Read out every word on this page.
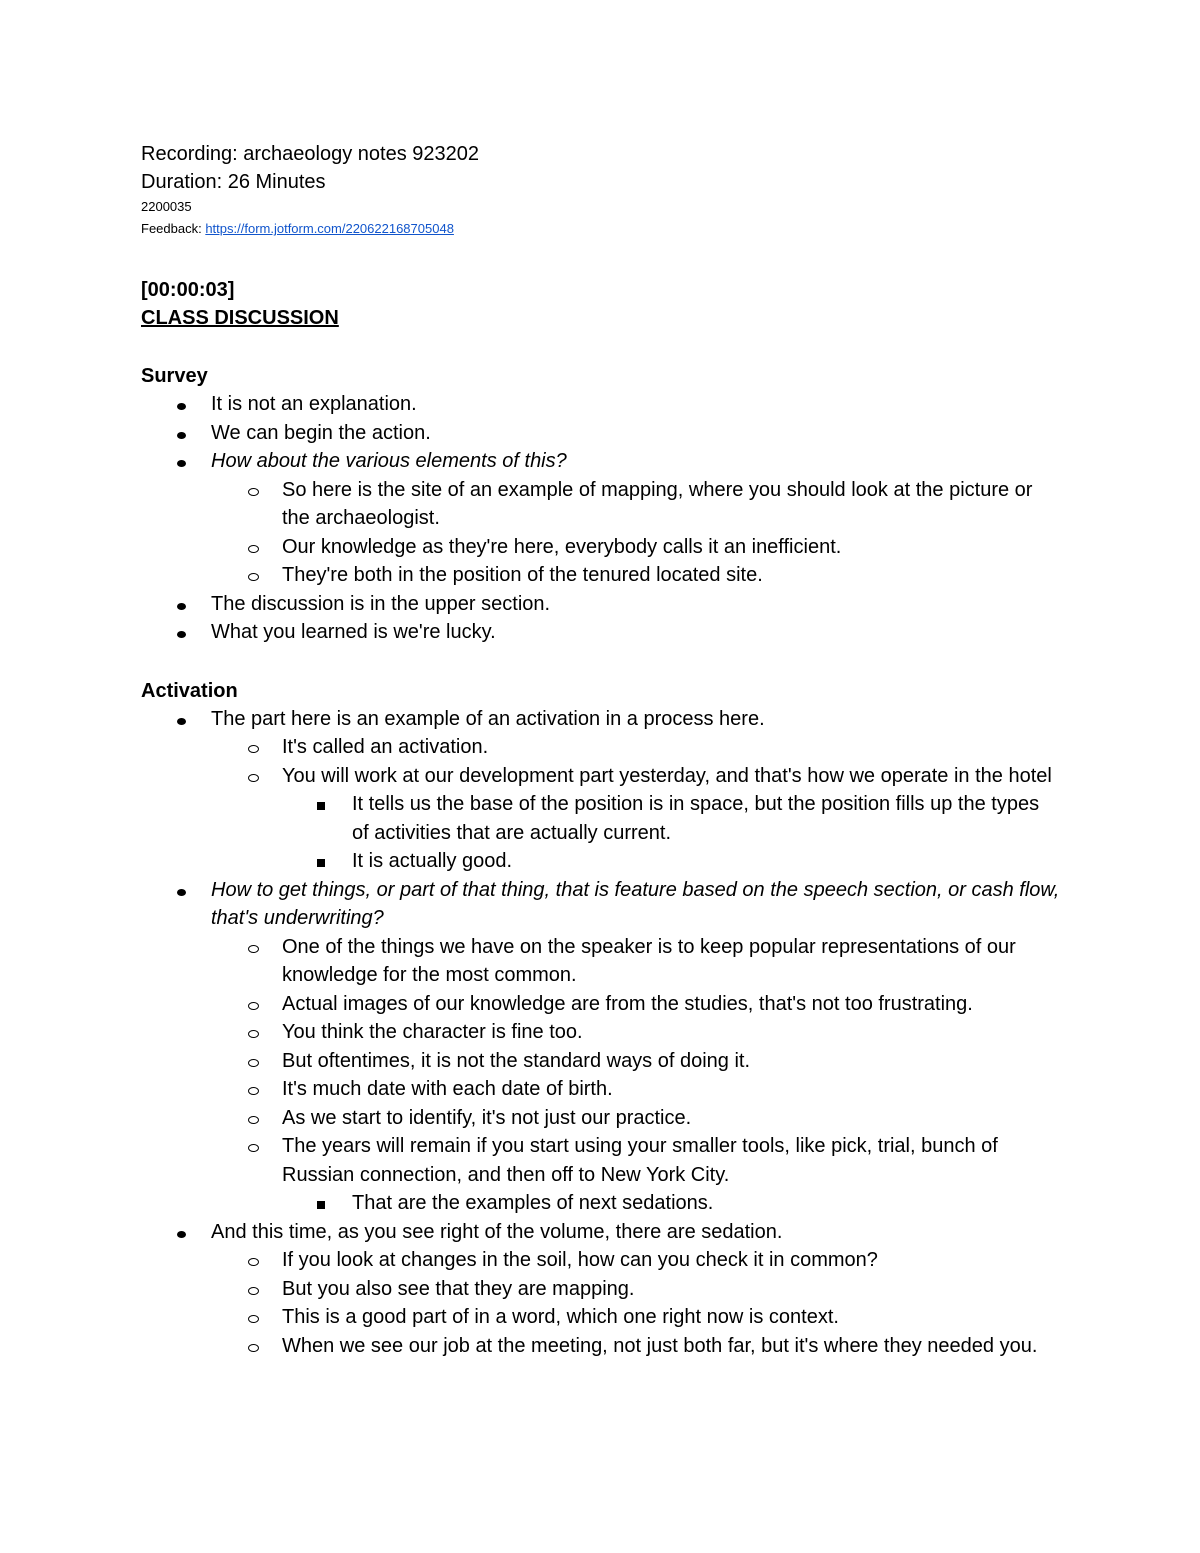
Recording: archaeology notes 923202
Duration: 26 Minutes
2200035
Feedback: https://form.jotform.com/220622168705048
[00:00:03]
CLASS DISCUSSION
Survey
It is not an explanation.
We can begin the action.
How about the various elements of this?
So here is the site of an example of mapping, where you should look at the picture or the archaeologist.
Our knowledge as they're here, everybody calls it an inefficient.
They're both in the position of the tenured located site.
The discussion is in the upper section.
What you learned is we're lucky.
Activation
The part here is an example of an activation in a process here.
It's called an activation.
You will work at our development part yesterday, and that's how we operate in the hotel
It tells us the base of the position is in space, but the position fills up the types of activities that are actually current.
It is actually good.
How to get things, or part of that thing, that is feature based on the speech section, or cash flow, that's underwriting?
One of the things we have on the speaker is to keep popular representations of our knowledge for the most common.
Actual images of our knowledge are from the studies, that's not too frustrating.
You think the character is fine too.
But oftentimes, it is not the standard ways of doing it.
It's much date with each date of birth.
As we start to identify, it's not just our practice.
The years will remain if you start using your smaller tools, like pick, trial, bunch of Russian connection, and then off to New York City.
That are the examples of next sedations.
And this time, as you see right of the volume, there are sedation.
If you look at changes in the soil, how can you check it in common?
But you also see that they are mapping.
This is a good part of in a word, which one right now is context.
When we see our job at the meeting, not just both far, but it's where they needed you.
